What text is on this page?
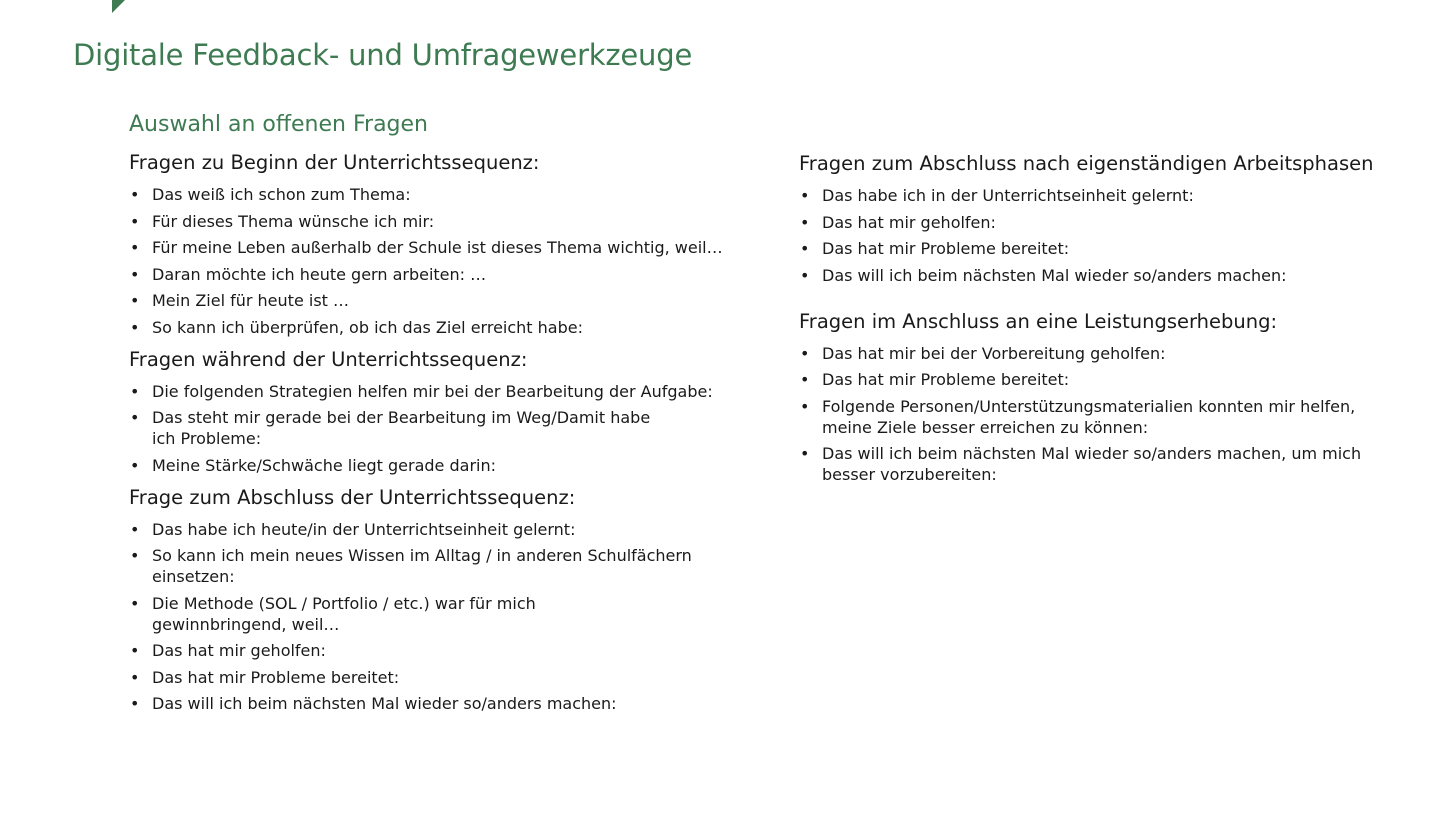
Digitale Feedback- und Umfragewerkzeuge
Auswahl an offenen Fragen
Fragen zu Beginn der Unterrichtssequenz:
• Das weiß ich schon zum Thema:
• Für dieses Thema wünsche ich mir:
• Für meine Leben außerhalb der Schule ist dieses Thema wichtig, weil…
• Daran möchte ich heute gern arbeiten: …
• Mein Ziel für heute ist …
• So kann ich überprüfen, ob ich das Ziel erreicht habe:
Fragen während der Unterrichtssequenz:
• Die folgenden Strategien helfen mir bei der Bearbeitung der Aufgabe:
• Das steht mir gerade bei der Bearbeitung im Weg/Damit habe ich Probleme:
• Meine Stärke/Schwäche liegt gerade darin:
Frage zum Abschluss der Unterrichtssequenz:
• Das habe ich heute/in der Unterrichtseinheit gelernt:
• So kann ich mein neues Wissen im Alltag / in anderen Schulfächern einsetzen:
• Die Methode (SOL / Portfolio / etc.) war für mich gewinnbringend, weil…
• Das hat mir geholfen:
• Das hat mir Probleme bereitet:
• Das will ich beim nächsten Mal wieder so/anders machen:
Fragen zum Abschluss nach eigenständigen Arbeitsphasen
• Das habe ich in der Unterrichtseinheit gelernt:
• Das hat mir geholfen:
• Das hat mir Probleme bereitet:
• Das will ich beim nächsten Mal wieder so/anders machen:
Fragen im Anschluss an eine Leistungserhebung:
• Das hat mir bei der Vorbereitung geholfen:
• Das hat mir Probleme bereitet:
• Folgende Personen/Unterstützungsmaterialien konnten mir helfen, meine Ziele besser erreichen zu können:
• Das will ich beim nächsten Mal wieder so/anders machen, um mich besser vorzubereiten:
